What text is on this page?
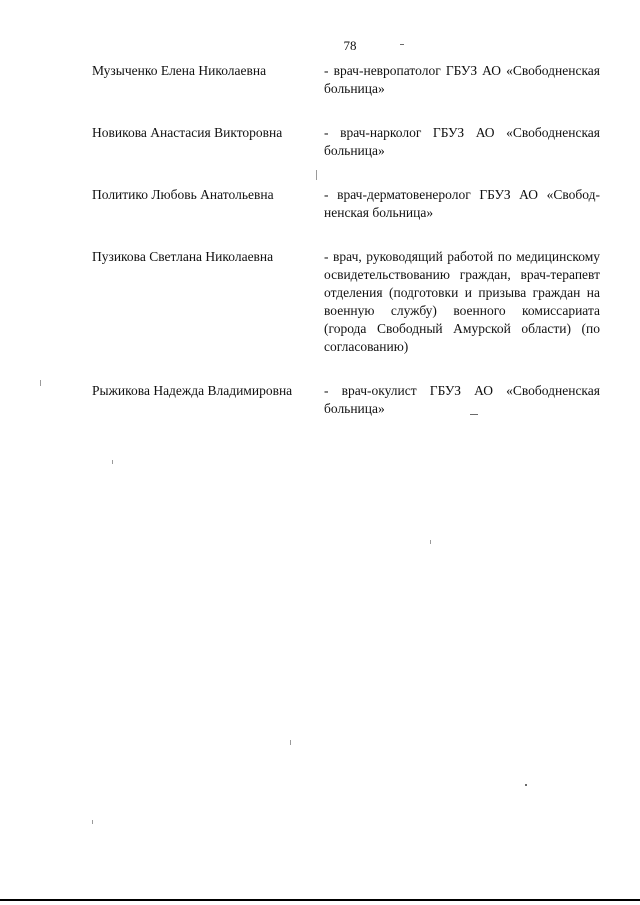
78
Музыченко Елена Николаевна	- врач-невропатолог ГБУЗ АО «Свободненская больница»
Новикова Анастасия Викторовна	- врач-нарколог ГБУЗ АО «Свободненская больница»
Политико Любовь Анатольевна	- врач-дерматовенеролог ГБУЗ АО «Свободненская больница»
Пузикова Светлана Николаевна	- врач, руководящий работой по медицинскому освидетельствованию граждан, врач-терапевт отделения (подготовки и призыва граждан на военную службу) военного комиссариата (города Свободный Амурской области) (по согласованию)
Рыжикова Надежда Владимировна	- врач-окулист ГБУЗ АО «Свободненская больница»
